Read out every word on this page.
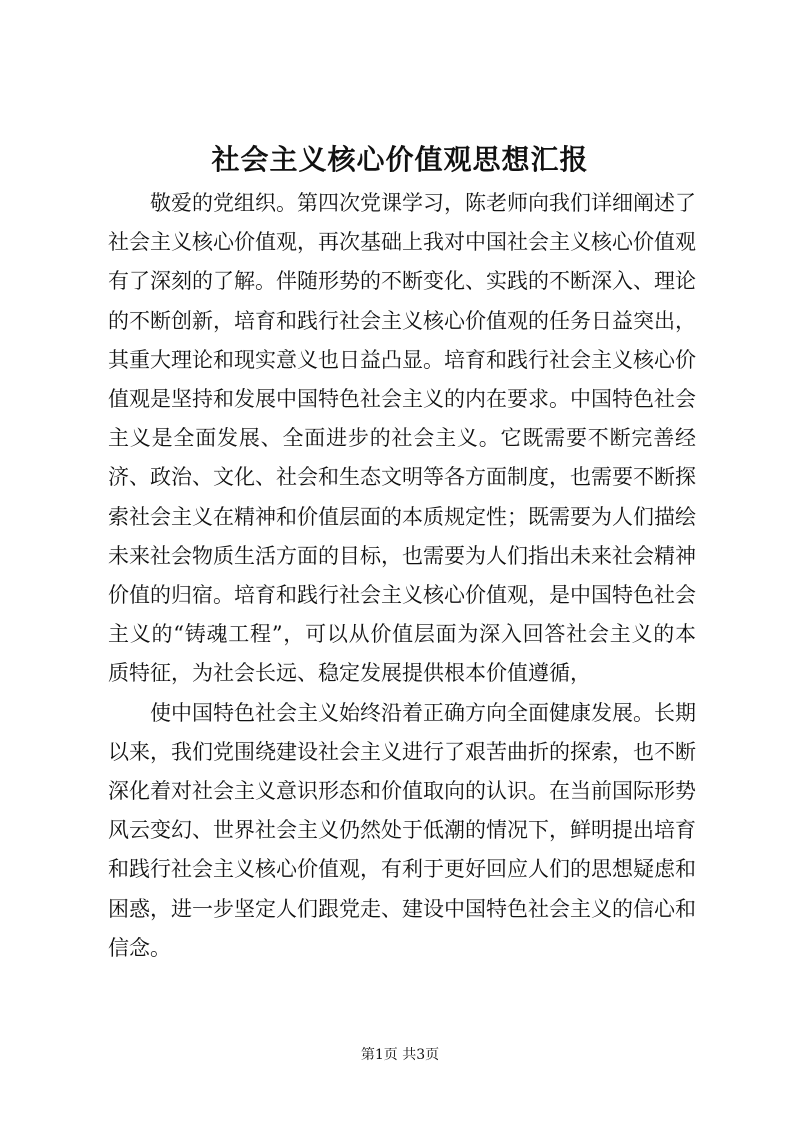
社会主义核心价值观思想汇报

敬爱的党组织。第四次党课学习，陈老师向我们详细阐述了社会主义核心价值观，再次基础上我对中国社会主义核心价值观有了深刻的了解。伴随形势的不断变化、实践的不断深入、理论的不断创新，培育和践行社会主义核心价值观的任务日益突出，其重大理论和现实意义也日益凸显。培育和践行社会主义核心价值观是坚持和发展中国特色社会主义的内在要求。中国特色社会主义是全面发展、全面进步的社会主义。它既需要不断完善经济、政治、文化、社会和生态文明等各方面制度，也需要不断探索社会主义在精神和价值层面的本质规定性；既需要为人们描绘未来社会物质生活方面的目标，也需要为人们指出未来社会精神价值的归宿。培育和践行社会主义核心价值观，是中国特色社会主义的“铸魂工程”，可以从价值层面为深入回答社会主义的本质特征，为社会长远、稳定发展提供根本价值遵循，

使中国特色社会主义始终沿着正确方向全面健康发展。长期以来，我们党围绕建设社会主义进行了艰苦曲折的探索，也不断深化着对社会主义意识形态和价值取向的认识。在当前国际形势风云变幻、世界社会主义仍然处于低潮的情况下，鲜明提出培育和践行社会主义核心价值观，有利于更好回应人们的思想疑虑和困惑，进一步坚定人们跟党走、建设中国特色社会主义的信心和信念。

第1页 共3页
